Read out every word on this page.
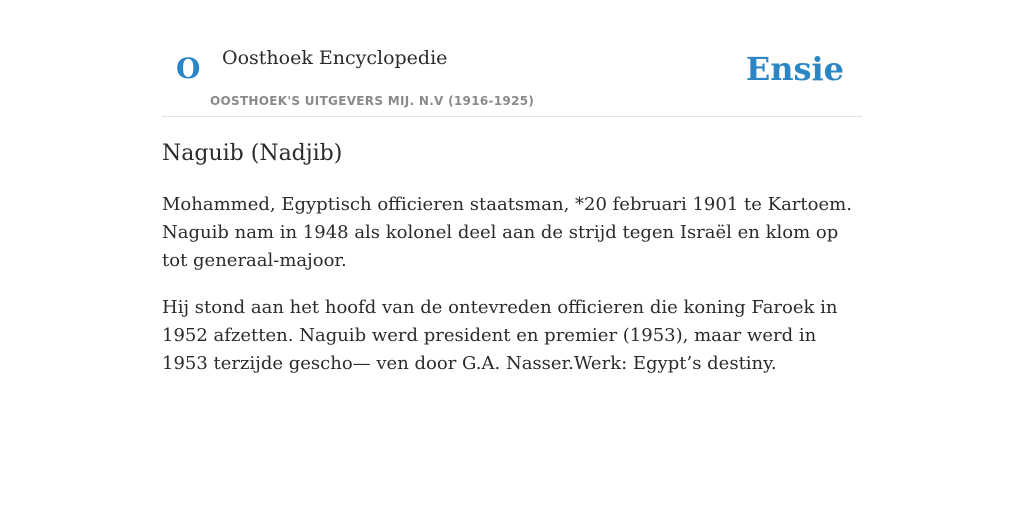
O Oosthoek Encyclopedie
OOSTHOEK'S UITGEVERS MIJ. N.V (1916-1925)
Ensie
Naguib (Nadjib)

Mohammed, Egyptisch officieren staatsman, *20 februari 1901 te Kartoem. Naguib nam in 1948 als kolonel deel aan de strijd tegen Israël en klom op tot generaal-majoor.

Hij stond aan het hoofd van de ontevreden officieren die koning Faroek in 1952 afzetten. Naguib werd president en premier (1953), maar werd in 1953 terzijde gescho— ven door G.A. Nasser.Werk: Egypt’s destiny.
